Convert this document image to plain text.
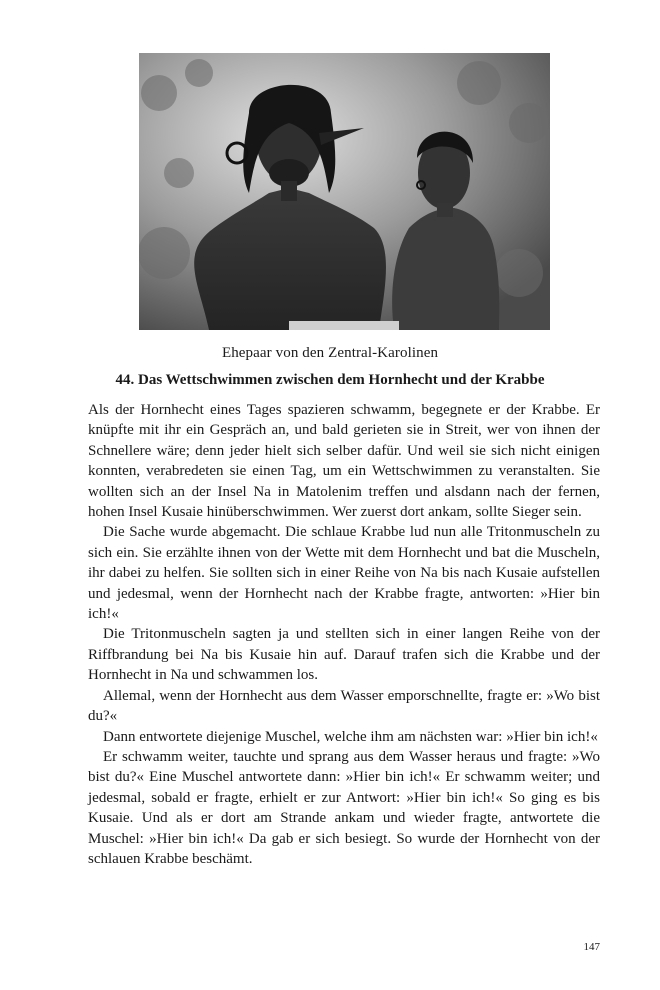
Ehepaar von den Zentral-Karolinen
44. Das Wettschwimmen zwischen dem Hornhecht und der Krabbe

Als der Hornhecht eines Tages spazieren schwamm, begegnete er der Krabbe. Er knüpfte mit ihr ein Gespräch an, und bald gerieten sie in Streit, wer von ihnen der Schnellere wäre; denn jeder hielt sich selber dafür. Und weil sie sich nicht einigen konnten, verabredeten sie einen Tag, um ein Wettschwimmen zu veranstalten. Sie wollten sich an der Insel Na in Matolenim treffen und alsdann nach der fernen, hohen Insel Kusaie hinüberschwimmen. Wer zuerst dort ankam, sollte Sieger sein.

Die Sache wurde abgemacht. Die schlaue Krabbe lud nun alle Tritonmuscheln zu sich ein. Sie erzählte ihnen von der Wette mit dem Hornhecht und bat die Muscheln, ihr dabei zu helfen. Sie sollten sich in einer Reihe von Na bis nach Kusaie aufstellen und jedesmal, wenn der Hornhecht nach der Krabbe fragte, antworten: »Hier bin ich!«

Die Tritonmuscheln sagten ja und stellten sich in einer langen Reihe von der Riffbrandung bei Na bis Kusaie hin auf. Darauf trafen sich die Krabbe und der Hornhecht in Na und schwammen los.

Allemal, wenn der Hornhecht aus dem Wasser emporschnellte, fragte er: »Wo bist du?«

Dann entwortete diejenige Muschel, welche ihm am nächsten war: »Hier bin ich!«

Er schwamm weiter, tauchte und sprang aus dem Wasser heraus und fragte: »Wo bist du?« Eine Muschel antwortete dann: »Hier bin ich!« Er schwamm weiter; und jedesmal, sobald er fragte, erhielt er zur Antwort: »Hier bin ich!« So ging es bis Kusaie. Und als er dort am Strande ankam und wieder fragte, antwortete die Muschel: »Hier bin ich!« Da gab er sich besiegt. So wurde der Hornhecht von der schlauen Krabbe beschämt.

147
